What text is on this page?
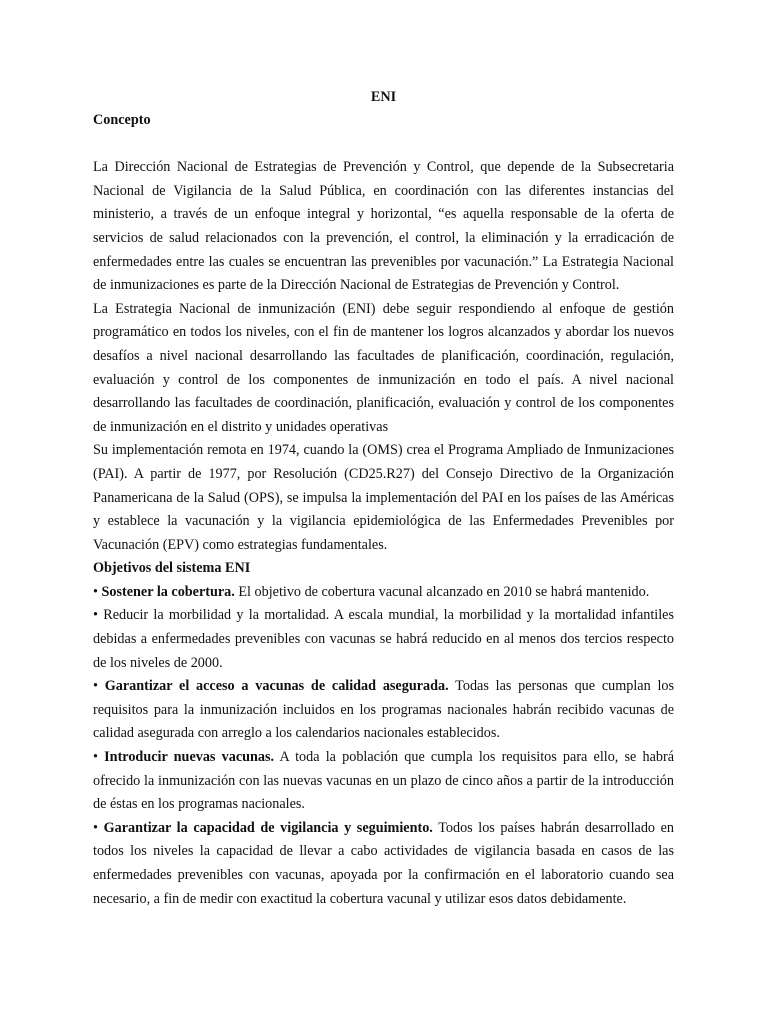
ENI
Concepto

La Dirección Nacional de Estrategias de Prevención y Control, que depende de la Subsecretaria Nacional de Vigilancia de la Salud Pública, en coordinación con las diferentes instancias del ministerio, a través de un enfoque integral y horizontal, “es aquella responsable de la oferta de servicios de salud relacionados con la prevención, el control, la eliminación y la erradicación de enfermedades entre las cuales se encuentran las prevenibles por vacunación.” La Estrategia Nacional de inmunizaciones es parte de la Dirección Nacional de Estrategias de Prevención y Control.

La Estrategia Nacional de inmunización (ENI) debe seguir respondiendo al enfoque de gestión programático en todos los niveles, con el fin de mantener los logros alcanzados y abordar los nuevos desafíos a nivel nacional desarrollando las facultades de planificación, coordinación, regulación, evaluación y control de los componentes de inmunización en todo el país. A nivel nacional desarrollando las facultades de coordinación, planificación, evaluación y control de los componentes de inmunización en el distrito y unidades operativas

Su implementación remota en 1974, cuando la (OMS) crea el Programa Ampliado de Inmunizaciones (PAI). A partir de 1977, por Resolución (CD25.R27) del Consejo Directivo de la Organización Panamericana de la Salud (OPS), se impulsa la implementación del PAI en los países de las Américas y establece la vacunación y la vigilancia epidemiológica de las Enfermedades Prevenibles por Vacunación (EPV) como estrategias fundamentales.

Objetivos del sistema ENI

• Sostener la cobertura. El objetivo de cobertura vacunal alcanzado en 2010 se habrá mantenido.

• Reducir la morbilidad y la mortalidad. A escala mundial, la morbilidad y la mortalidad infantiles debidas a enfermedades prevenibles con vacunas se habrá reducido en al menos dos tercios respecto de los niveles de 2000.

• Garantizar el acceso a vacunas de calidad asegurada. Todas las personas que cumplan los requisitos para la inmunización incluidos en los programas nacionales habrán recibido vacunas de calidad asegurada con arreglo a los calendarios nacionales establecidos.

• Introducir nuevas vacunas. A toda la población que cumpla los requisitos para ello, se habrá ofrecido la inmunización con las nuevas vacunas en un plazo de cinco años a partir de la introducción de éstas en los programas nacionales.

• Garantizar la capacidad de vigilancia y seguimiento. Todos los países habrán desarrollado en todos los niveles la capacidad de llevar a cabo actividades de vigilancia basada en casos de las enfermedades prevenibles con vacunas, apoyada por la confirmación en el laboratorio cuando sea necesario, a fin de medir con exactitud la cobertura vacunal y utilizar esos datos debidamente.
